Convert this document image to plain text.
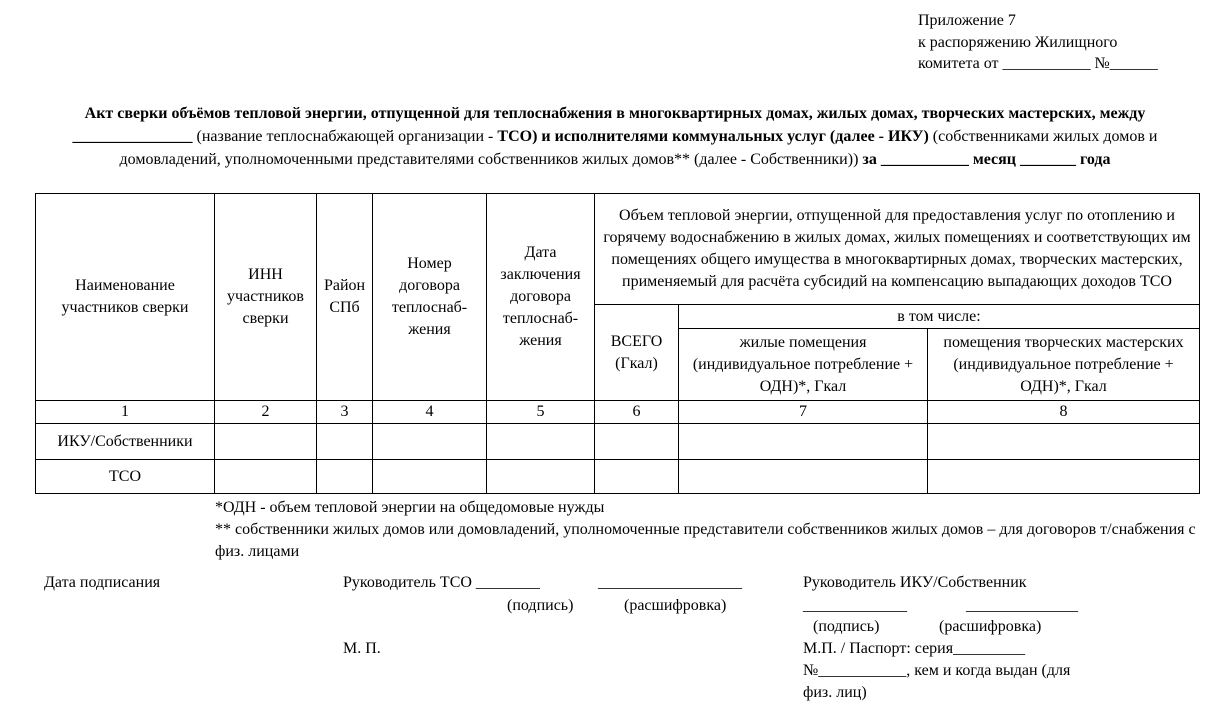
Приложение 7
к распоряжению Жилищного
комитета от ___________ №______
Акт сверки объёмов тепловой энергии, отпущенной для теплоснабжения в многоквартирных домах, жилых домах, творческих мастерских, между _______________ (название теплоснабжающей организации - ТСО) и исполнителями коммунальных услуг (далее - ИКУ) (собственниками жилых домов и домовладений, уполномоченными представителями собственников жилых домов** (далее - Собственники)) за ___________ месяц _______ года
Наименование участников сверки	ИНН участников сверки	Район СПб	Номер договора теплоснаб-жения	Дата заключения договора теплоснаб-жения	Объем тепловой энергии, отпущенной для предоставления услуг по отоплению и горячему водоснабжению в жилых домах, жилых помещениях и соответствующих им помещениях общего имущества в многоквартирных домах, творческих мастерских, применяемый для расчёта субсидий на компенсацию выпадающих доходов ТСО		
					ВСЕГО (Гкал)	в том числе:	
						жилые помещения (индивидуальное потребление + ОДН)*, Гкал	помещения творческих мастерских (индивидуальное потребление + ОДН)*, Гкал
1	2	3	4	5	6	7	8
ИКУ/Собственники							
ТСО							
*ОДН - объем тепловой энергии на общедомовые нужды
** собственники жилых домов или домовладений, уполномоченные представители собственников жилых домов – для договоров т/снабжения с физ. лицами
Дата подписания	Руководитель ТСО ________	__________________
(подпись)	(расшифровка)
М. П.
Руководитель ИКУ/Собственник
_____________	______________
(подпись)	(расшифровка)
М.П. / Паспорт: серия_________
№___________, кем и когда выдан (для
физ. лиц)
